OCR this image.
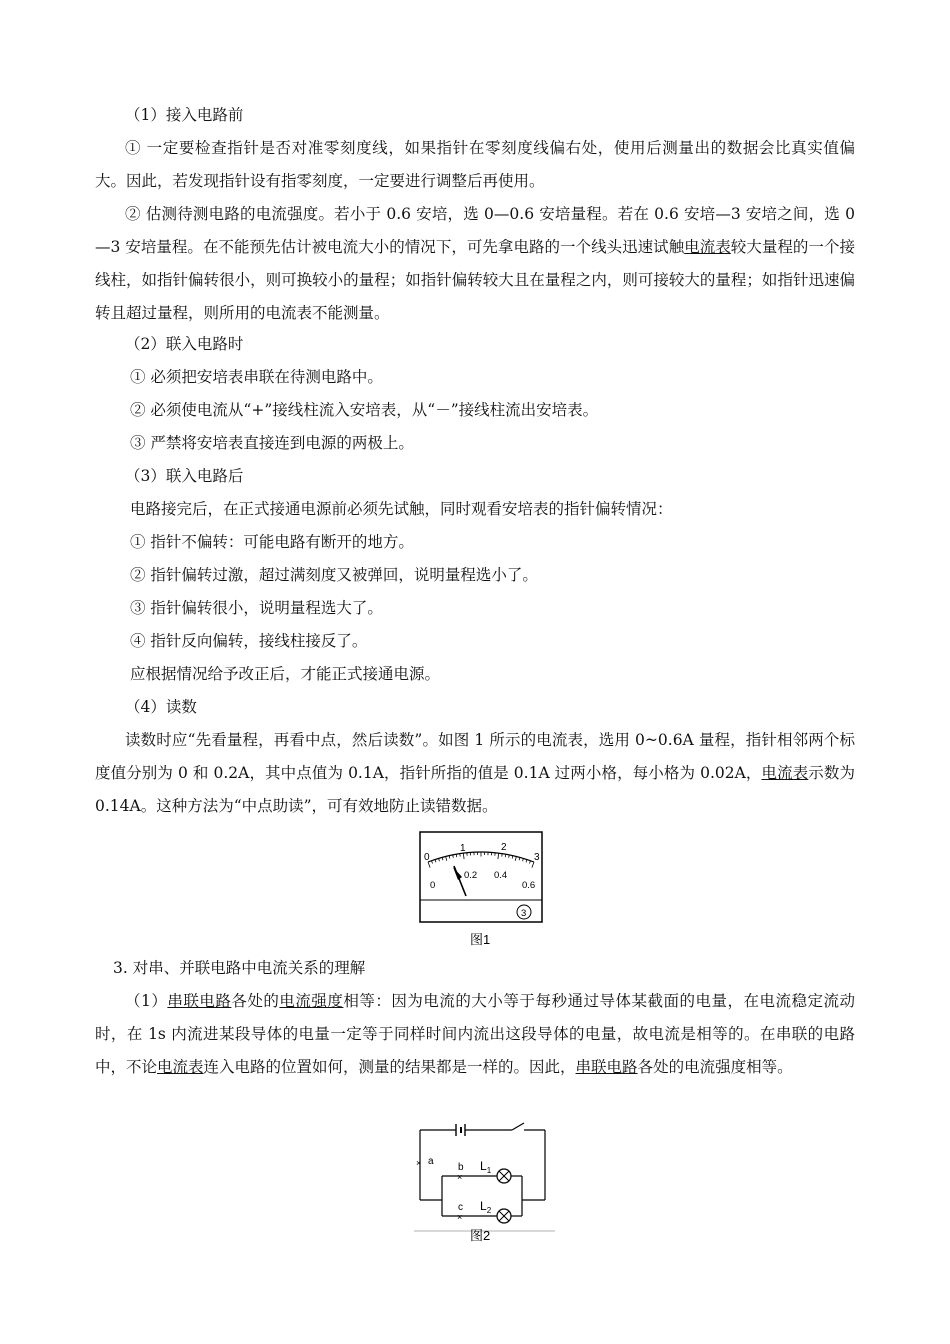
（1）接入电路前

① 一定要检查指针是否对准零刻度线，如果指针在零刻度线偏右处，使用后测量出的数据会比真实值偏大。因此，若发现指针设有指零刻度，一定要进行调整后再使用。

② 估测待测电路的电流强度。若小于 0.6 安培，选 0—0.6 安培量程。若在 0.6 安培—3 安培之间，选 0—3 安培量程。在不能预先估计被电流大小的情况下，可先拿电路的一个线头迅速试触电流表较大量程的一个接线柱，如指针偏转很小，则可换较小的量程；如指针偏转较大且在量程之内，则可接较大的量程；如指针迅速偏转且超过量程，则所用的电流表不能测量。

（2）联入电路时

① 必须把安培表串联在待测电路中。

② 必须使电流从“+”接线柱流入安培表，从“－”接线柱流出安培表。

③ 严禁将安培表直接连到电源的两极上。

（3）联入电路后

电路接完后，在正式接通电源前必须先试触，同时观看安培表的指针偏转情况：

① 指针不偏转：可能电路有断开的地方。

② 指针偏转过激，超过满刻度又被弹回，说明量程选小了。

③ 指针偏转很小，说明量程选大了。

④ 指针反向偏转，接线柱接反了。

应根据情况给予改正后，才能正式接通电源。

（4）读数

读数时应“先看量程，再看中点，然后读数”。如图 1 所示的电流表，选用 0~0.6A 量程，指针相邻两个标度值分别为 0 和 0.2A，其中点值为 0.1A，指针所指的值是 0.1A 过两小格，每小格为 0.02A，电流表示数为 0.14A。这种方法为“中点助读”，可有效地防止读错数据。

0
1	2
3
0
0.2 0.4
0.6
3
图1

3. 对串、并联电路中电流关系的理解

（1）串联电路各处的电流强度相等：因为电流的大小等于每秒通过导体某截面的电量，在电流稳定流动时，在 1s 内流进某段导体的电量一定等于同样时间内流出这段导体的电量，故电流是相等的。在串联的电路中，不论电流表连入电路的位置如何，测量的结果都是一样的。因此，串联电路各处的电流强度相等。

× a
×
b
×
c
$L_1$
$L_2$
图2
